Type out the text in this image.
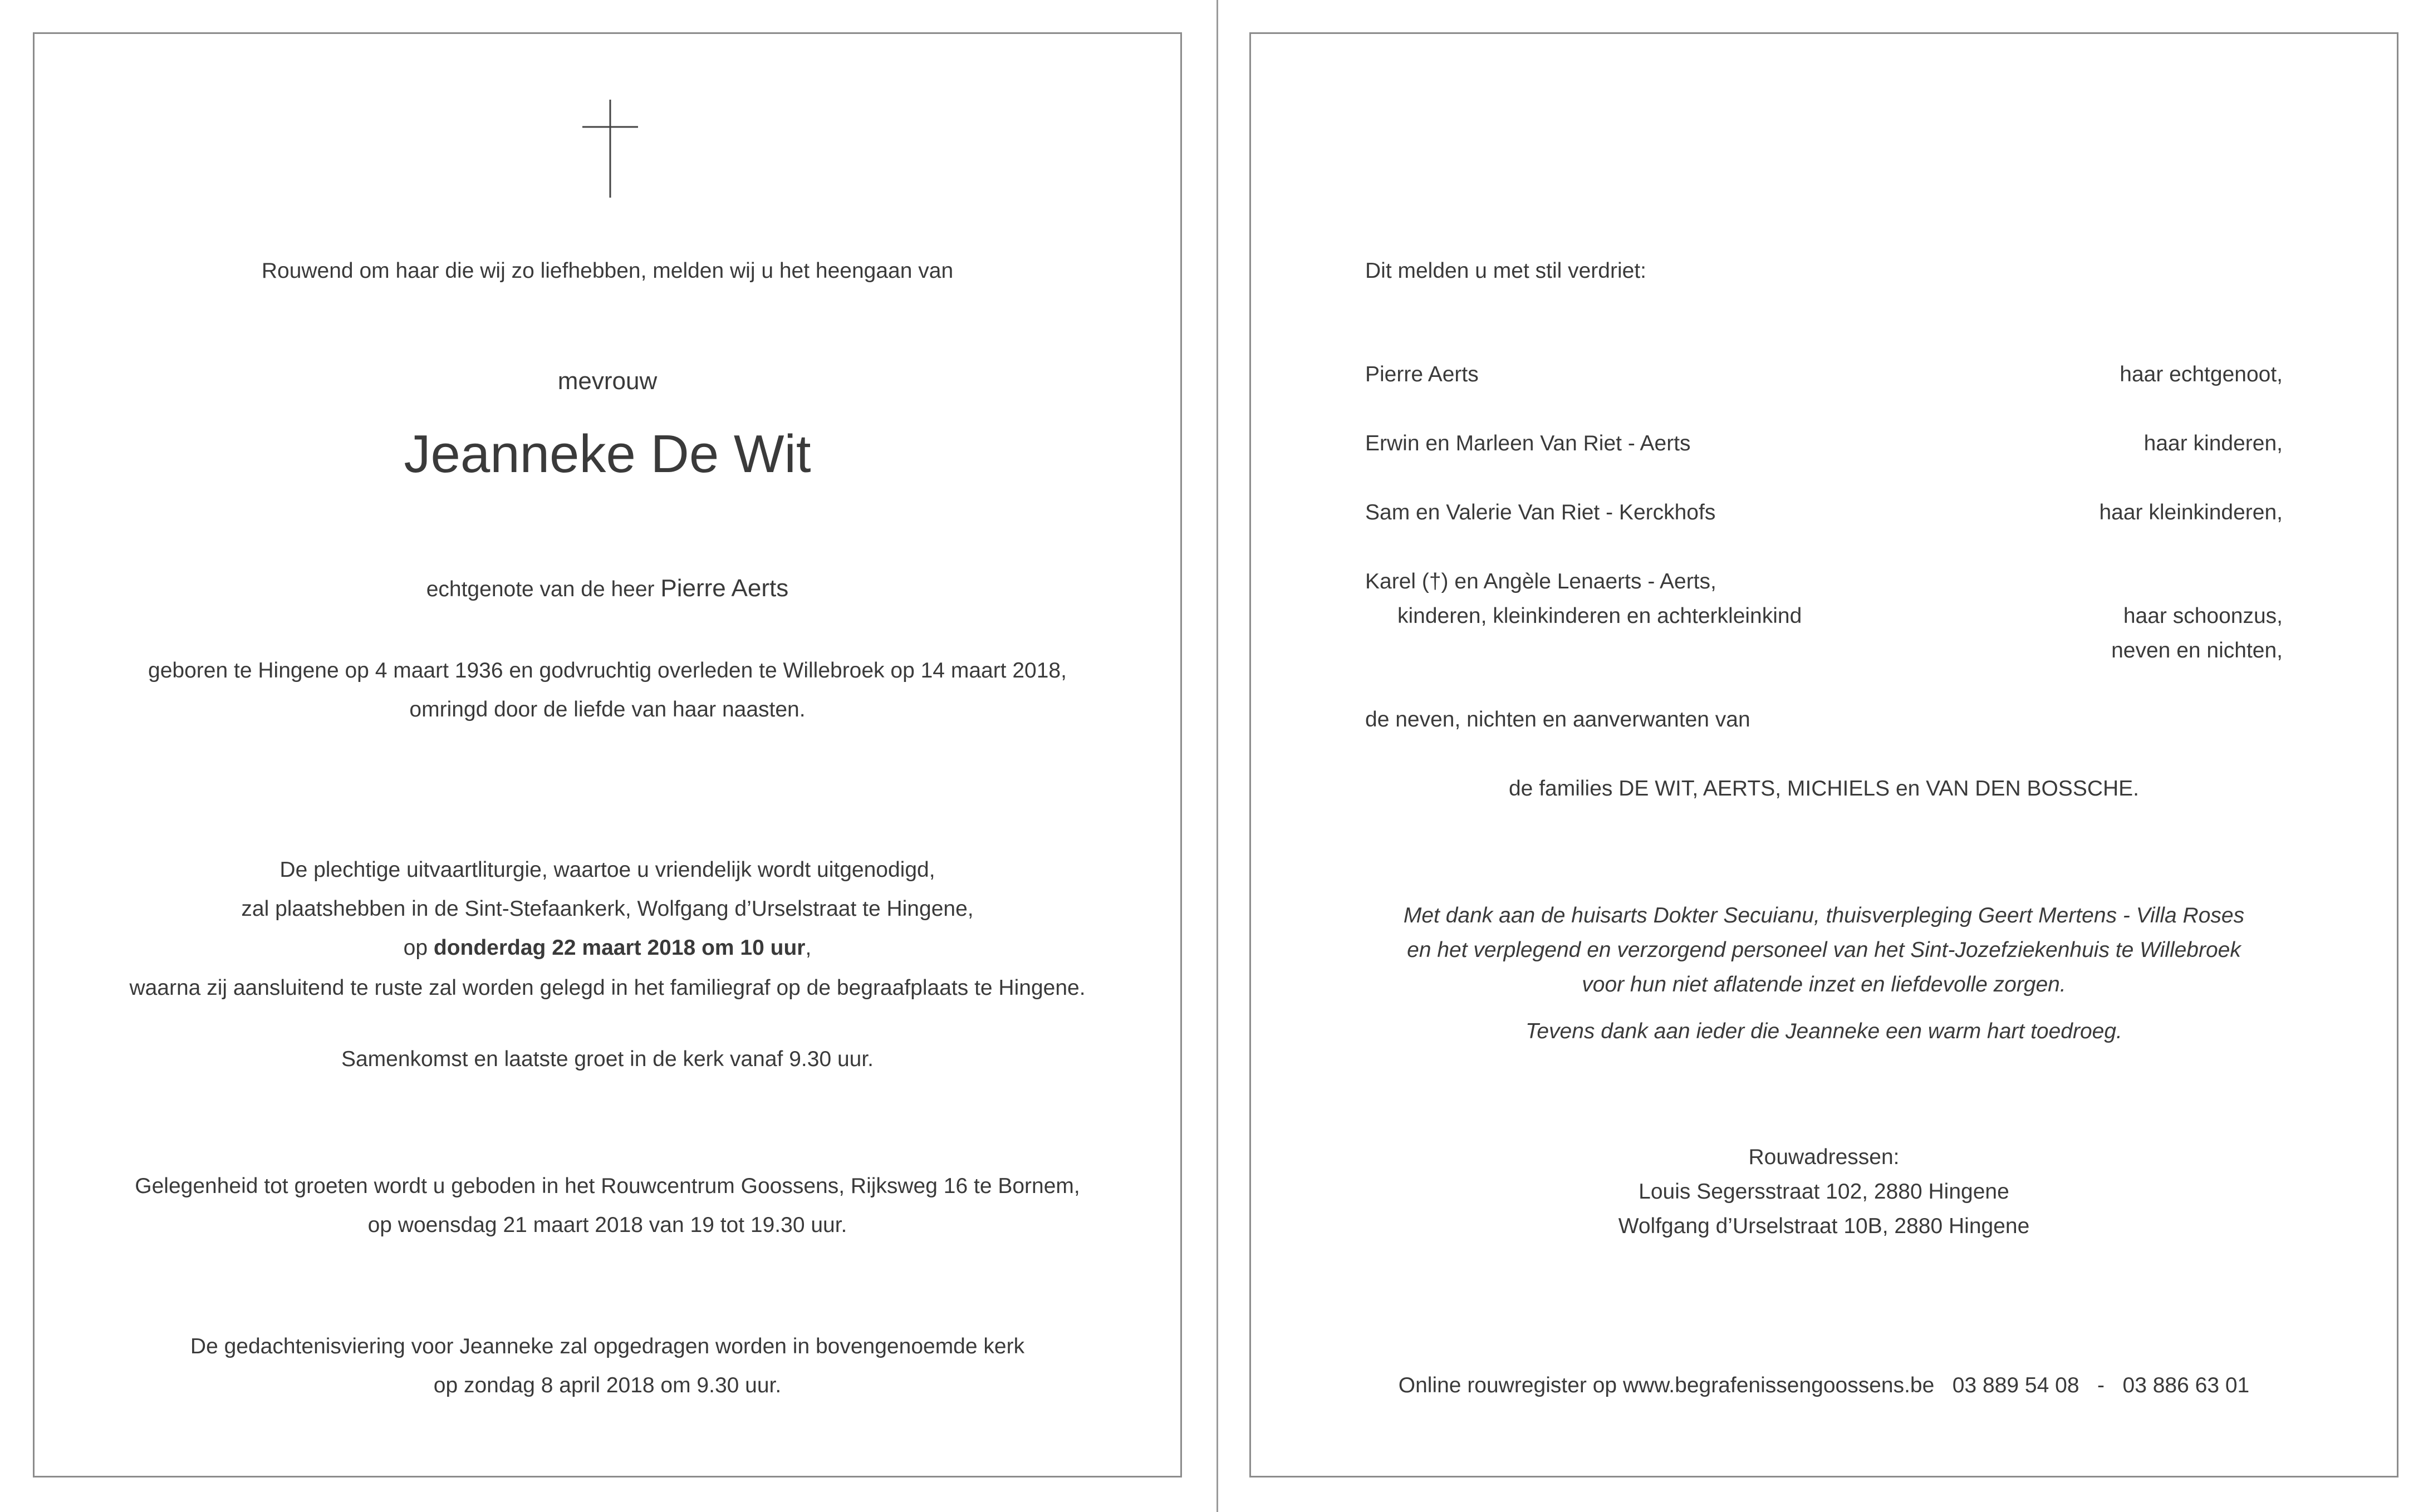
Rouwend om haar die wij zo liefhebben, melden wij u het heengaan van
mevrouw
Jeanneke De Wit
echtgenote van de heer Pierre Aerts
geboren te Hingene op 4 maart 1936 en godvruchtig overleden te Willebroek op 14 maart 2018,
omringd door de liefde van haar naasten.
De plechtige uitvaartliturgie, waartoe u vriendelijk wordt uitgenodigd,
zal plaatshebben in de Sint-Stefaankerk, Wolfgang d’Urselstraat te Hingene,
op donderdag 22 maart 2018 om 10 uur,
waarna zij aansluitend te ruste zal worden gelegd in het familiegraf op de begraafplaats te Hingene.
Samenkomst en laatste groet in de kerk vanaf 9.30 uur.
Gelegenheid tot groeten wordt u geboden in het Rouwcentrum Goossens, Rijksweg 16 te Bornem,
op woensdag 21 maart 2018 van 19 tot 19.30 uur.
De gedachtenisviering voor Jeanneke zal opgedragen worden in bovengenoemde kerk
op zondag 8 april 2018 om 9.30 uur.
Dit melden u met stil verdriet:
Pierre Aerts	haar echtgenoot,
Erwin en Marleen Van Riet - Aerts	haar kinderen,
Sam en Valerie Van Riet - Kerckhofs	haar kleinkinderen,
Karel (†) en Angèle Lenaerts - Aerts,
kinderen, kleinkinderen en achterkleinkind	haar schoonzus,
neven en nichten,
de neven, nichten en aanverwanten van
de families DE WIT, AERTS, MICHIELS en VAN DEN BOSSCHE.
Met dank aan de huisarts Dokter Secuianu, thuisverpleging Geert Mertens - Villa Roses
en het verplegend en verzorgend personeel van het Sint-Jozefziekenhuis te Willebroek
voor hun niet aflatende inzet en liefdevolle zorgen.
Tevens dank aan ieder die Jeanneke een warm hart toedroeg.
Rouwadressen:
Louis Segersstraat 102, 2880 Hingene
Wolfgang d’Urselstraat 10B, 2880 Hingene
Online rouwregister op www.begrafenissengoossens.be   03 889 54 08   -   03 886 63 01
